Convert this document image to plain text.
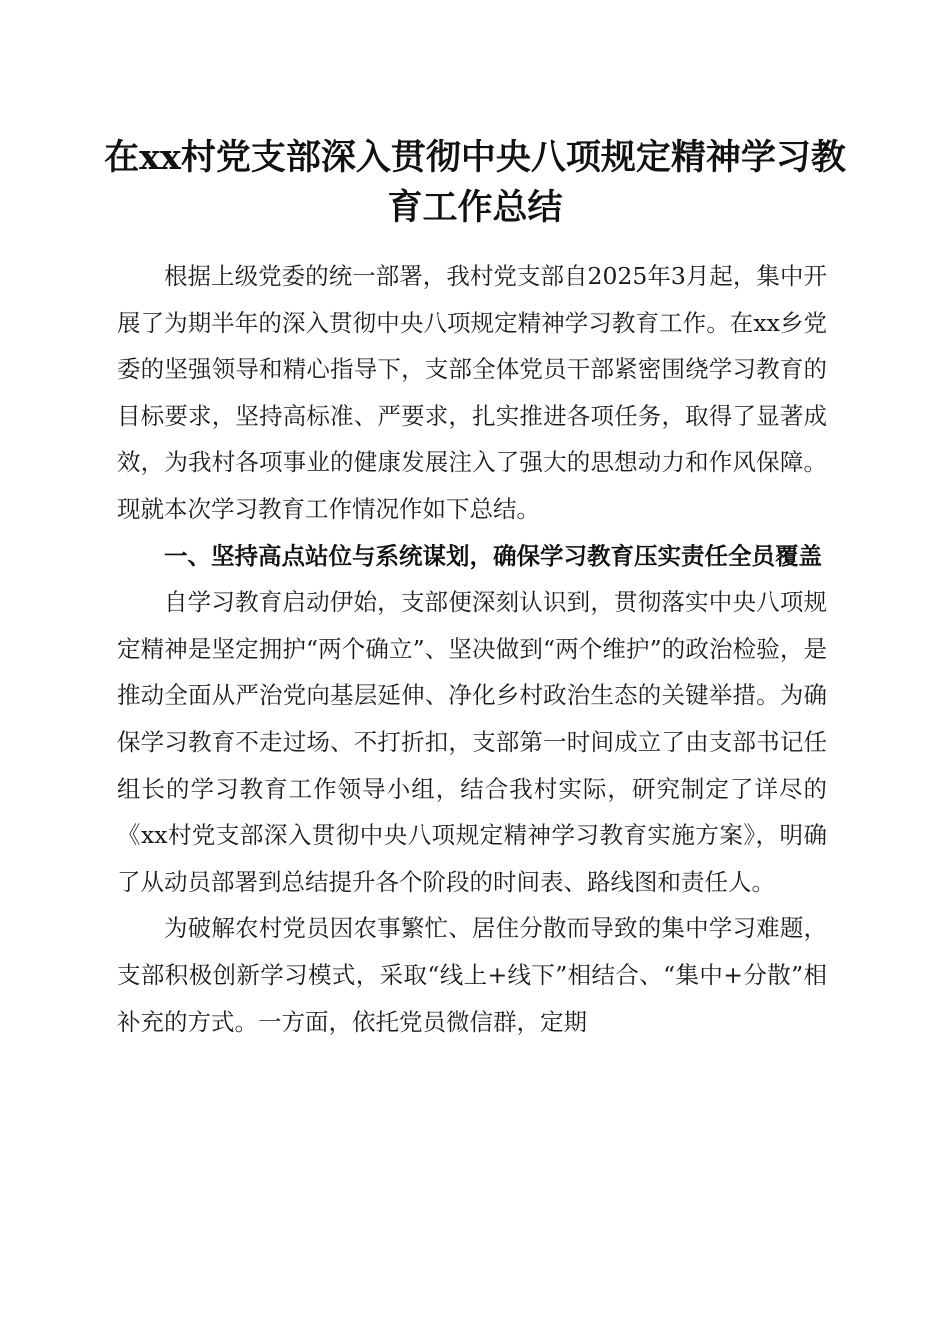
在xx村党支部深入贯彻中央八项规定精神学习教育工作总结

根据上级党委的统一部署，我村党支部自2025年3月起，集中开展了为期半年的深入贯彻中央八项规定精神学习教育工作。在xx乡党委的坚强领导和精心指导下，支部全体党员干部紧密围绕学习教育的目标要求，坚持高标准、严要求，扎实推进各项任务，取得了显著成效，为我村各项事业的健康发展注入了强大的思想动力和作风保障。现就本次学习教育工作情况作如下总结。

一、坚持高点站位与系统谋划，确保学习教育压实责任全员覆盖

自学习教育启动伊始，支部便深刻认识到，贯彻落实中央八项规定精神是坚定拥护“两个确立”、坚决做到“两个维护”的政治检验，是推动全面从严治党向基层延伸、净化乡村政治生态的关键举措。为确保学习教育不走过场、不打折扣，支部第一时间成立了由支部书记任组长的学习教育工作领导小组，结合我村实际，研究制定了详尽的《xx村党支部深入贯彻中央八项规定精神学习教育实施方案》，明确了从动员部署到总结提升各个阶段的时间表、路线图和责任人。

为破解农村党员因农事繁忙、居住分散而导致的集中学习难题，支部积极创新学习模式，采取“线上+线下”相结合、“集中+分散”相补充的方式。一方面，依托党员微信群，定期
